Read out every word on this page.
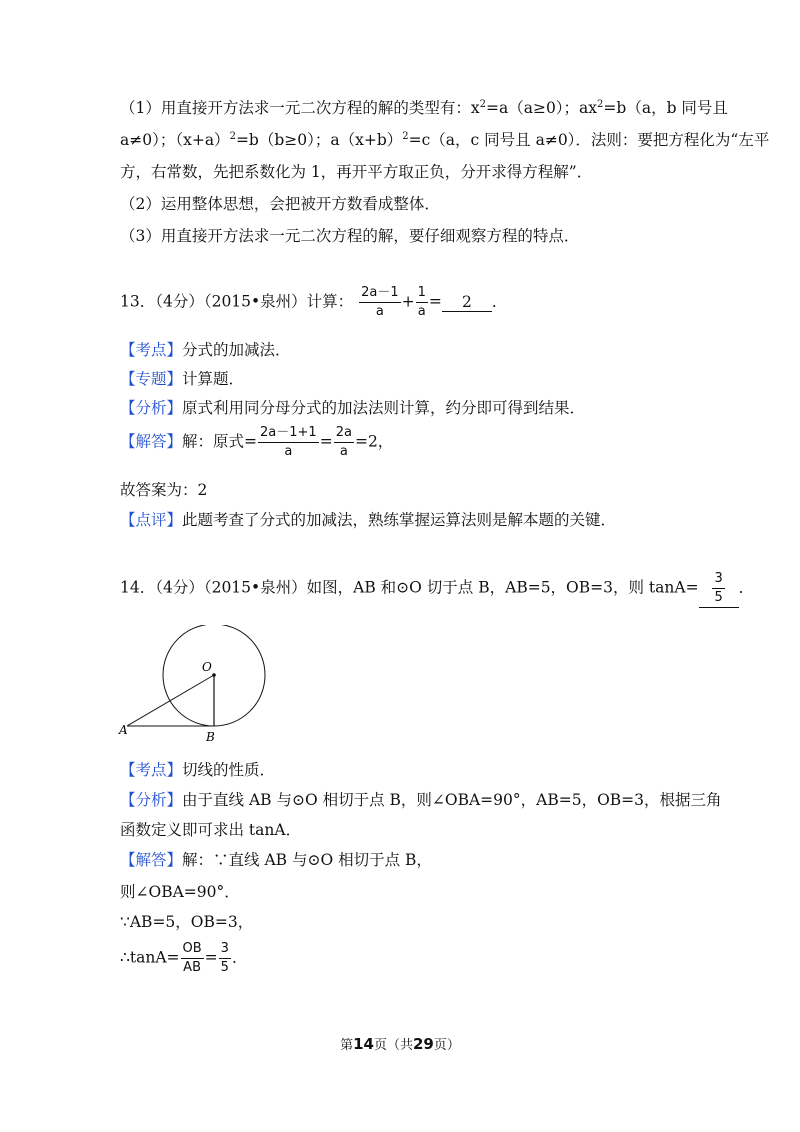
（1）用直接开方法求一元二次方程的解的类型有：$x^2=a(a\ge 0)$；$ax^2=b(a$，b 同号且
a≠0）；$(x+a)^2=b(b\ge 0)$；$a(x+b)^2=c(a$，c 同号且 a≠0）．法则：要把方程化为“左平
方，右常数，先把系数化为 1，再开平方取正负，分开求得方程解”．
（2）运用整体思想，会把被开方数看成整体．
（3）用直接开方法求一元二次方程的解，要仔细观察方程的特点．
13．（4分）（2015•泉州）计算： $\frac{2a-1}{a} + \frac{1}{a} = 2$ ．
【考点】分式的加减法．
【专题】计算题．
【分析】原式利用同分母分式的加法法则计算，约分即可得到结果．
【解答】解：原式= $\frac{2a-1+1}{a} = \frac{2a}{a} =2$，
故答案为：2
【点评】此题考查了分式的加减法，熟练掌握运算法则是解本题的关键．
14．（4分）（2015•泉州）如图，AB 和⊙O 切于点 B，AB=5，OB=3，则 $\tan A= \frac{3}{5}$ ．
O
A	B
【考点】切线的性质．
【分析】由于直线 AB 与⊙O 相切于点 B，则∠OBA=90°，AB=5，OB=3，根据三角
函数定义即可求出 tanA．
【解答】解：∵直线 AB 与⊙O 相切于点 B，
则∠OBA=90°．
∵AB=5，OB=3，
∴tanA= $\frac{OB}{AB} = \frac{3}{5}$ ．
第14页（共29页）
